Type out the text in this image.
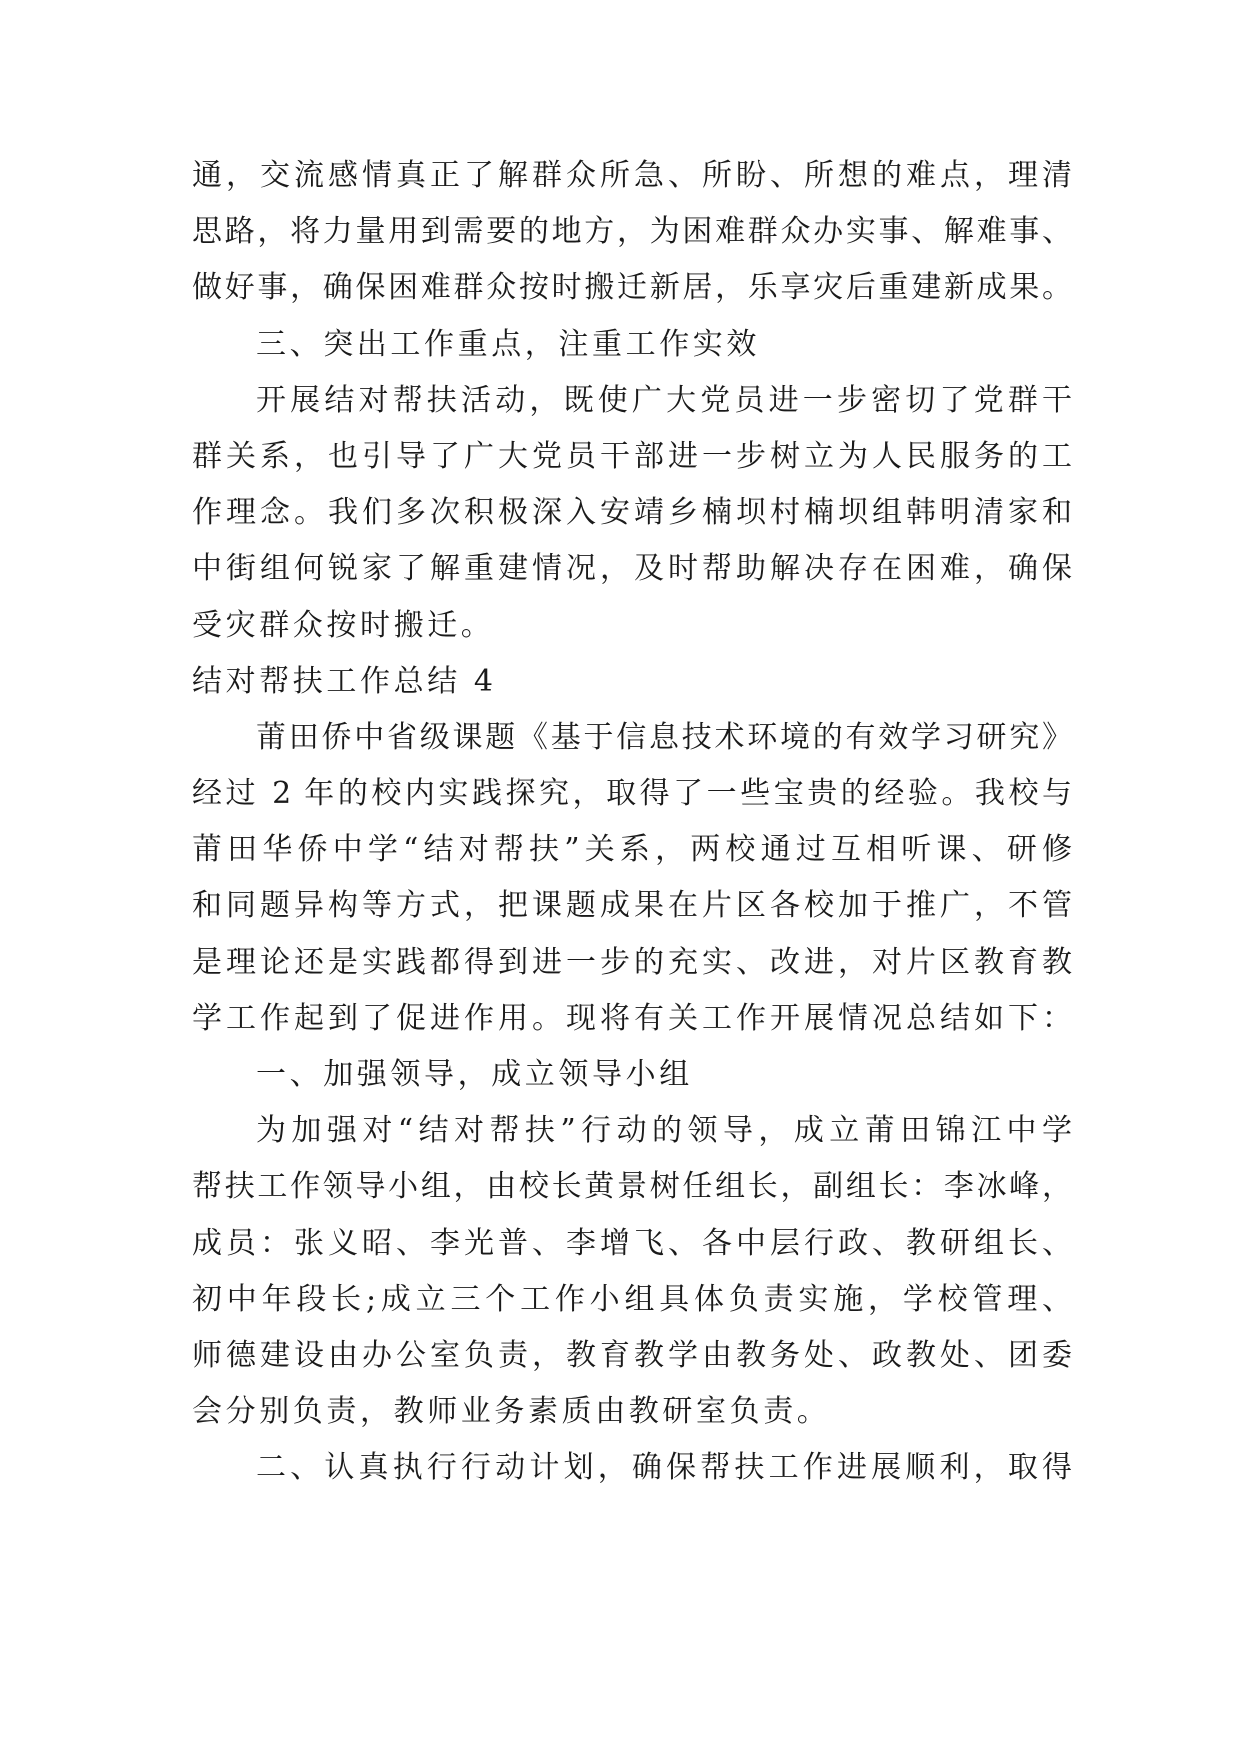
通，交流感情真正了解群众所急、所盼、所想的难点，理清
思路，将力量用到需要的地方，为困难群众办实事、解难事、
做好事，确保困难群众按时搬迁新居，乐享灾后重建新成果。
三、突出工作重点，注重工作实效
开展结对帮扶活动，既使广大党员进一步密切了党群干
群关系，也引导了广大党员干部进一步树立为人民服务的工
作理念。我们多次积极深入安靖乡楠坝村楠坝组韩明清家和
中街组何锐家了解重建情况，及时帮助解决存在困难，确保
受灾群众按时搬迁。
结对帮扶工作总结 4
莆田侨中省级课题《基于信息技术环境的有效学习研究》
经过 2 年的校内实践探究，取得了一些宝贵的经验。我校与
莆田华侨中学“结对帮扶”关系，两校通过互相听课、研修
和同题异构等方式，把课题成果在片区各校加于推广，不管
是理论还是实践都得到进一步的充实、改进，对片区教育教
学工作起到了促进作用。现将有关工作开展情况总结如下：
一、加强领导，成立领导小组
为加强对“结对帮扶”行动的领导，成立莆田锦江中学
帮扶工作领导小组，由校长黄景树任组长，副组长：李冰峰，
成员：张义昭、李光普、李增飞、各中层行政、教研组长、
初中年段长;成立三个工作小组具体负责实施，学校管理、
师德建设由办公室负责，教育教学由教务处、政教处、团委
会分别负责，教师业务素质由教研室负责。
二、认真执行行动计划，确保帮扶工作进展顺利，取得
